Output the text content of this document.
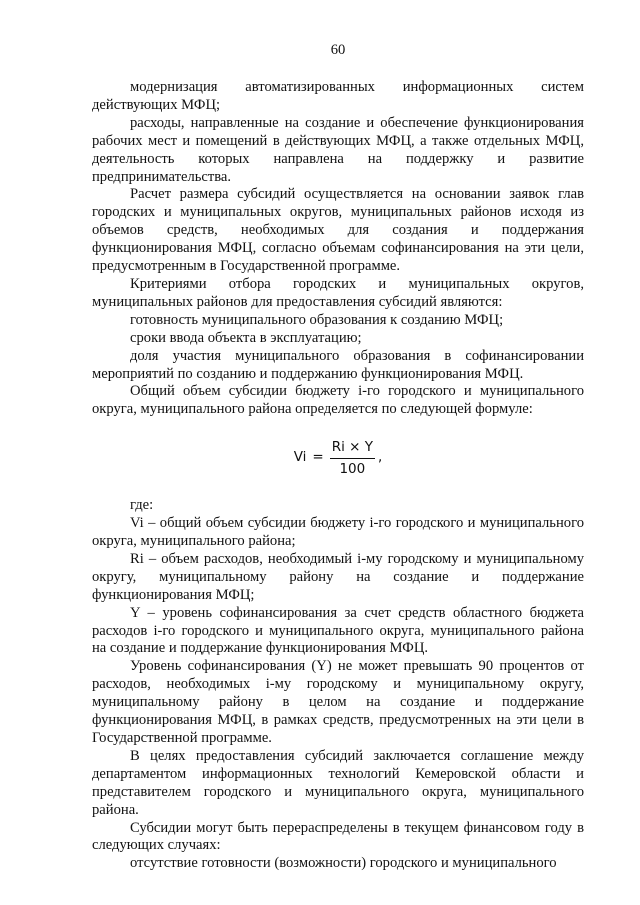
60

модернизация автоматизированных информационных систем действующих МФЦ;

расходы, направленные на создание и обеспечение функционирования рабочих мест и помещений в действующих МФЦ, а также отдельных МФЦ, деятельность которых направлена на поддержку и развитие предпринимательства.

Расчет размера субсидий осуществляется на основании заявок глав городских и муниципальных округов, муниципальных районов исходя из объемов средств, необходимых для создания и поддержания функционирования МФЦ, согласно объемам софинансирования на эти цели, предусмотренным в Государственной программе.

Критериями отбора городских и муниципальных округов, муниципальных районов для предоставления субсидий являются:

готовность муниципального образования к созданию МФЦ;

сроки ввода объекта в эксплуатацию;

доля участия муниципального образования в софинансировании мероприятий по созданию и поддержанию функционирования МФЦ.

Общий объем субсидии бюджету i-го городского и муниципального округа, муниципального района определяется по следующей формуле:

$Vi = \frac{Ri \times Y}{100}$ ,

где:

Vi – общий объем субсидии бюджету i-го городского и муниципального округа, муниципального района;

Ri – объем расходов, необходимый i-му городскому и муниципальному округу, муниципальному району на создание и поддержание функционирования МФЦ;

Y – уровень софинансирования за счет средств областного бюджета расходов i-го городского и муниципального округа, муниципального района на создание и поддержание функционирования МФЦ.

Уровень софинансирования (Y) не может превышать 90 процентов от расходов, необходимых i-му городскому и муниципальному округу, муниципальному району в целом на создание и поддержание функционирования МФЦ, в рамках средств, предусмотренных на эти цели в Государственной программе.

В целях предоставления субсидий заключается соглашение между департаментом информационных технологий Кемеровской области и представителем городского и муниципального округа, муниципального района.

Субсидии могут быть перераспределены в текущем финансовом году в следующих случаях:

отсутствие готовности (возможности) городского и муниципального
